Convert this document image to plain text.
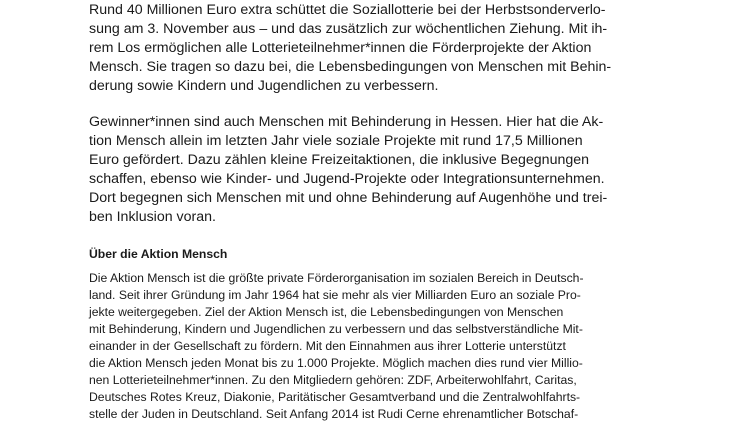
Rund 40 Millionen Euro extra schüttet die Soziallotterie bei der Herbstsonderverlo-

sung am 3. November aus – und das zusätzlich zur wöchentlichen Ziehung. Mit ih-

rem Los ermöglichen alle Lotterieteilnehmer*innen die Förderprojekte der Aktion

Mensch. Sie tragen so dazu bei, die Lebensbedingungen von Menschen mit Behin-

derung sowie Kindern und Jugendlichen zu verbessern.

Gewinner*innen sind auch Menschen mit Behinderung in Hessen. Hier hat die Ak-

tion Mensch allein im letzten Jahr viele soziale Projekte mit rund 17,5 Millionen

Euro gefördert. Dazu zählen kleine Freizeitaktionen, die inklusive Begegnungen

schaffen, ebenso wie Kinder- und Jugend-Projekte oder Integrationsunternehmen.

Dort begegnen sich Menschen mit und ohne Behinderung auf Augenhöhe und trei-

ben Inklusion voran.

Über die Aktion Mensch

Die Aktion Mensch ist die größte private Förderorganisation im sozialen Bereich in Deutsch-

land. Seit ihrer Gründung im Jahr 1964 hat sie mehr als vier Milliarden Euro an soziale Pro-

jekte weitergegeben. Ziel der Aktion Mensch ist, die Lebensbedingungen von Menschen

mit Behinderung, Kindern und Jugendlichen zu verbessern und das selbstverständliche Mit-

einander in der Gesellschaft zu fördern. Mit den Einnahmen aus ihrer Lotterie unterstützt

die Aktion Mensch jeden Monat bis zu 1.000 Projekte. Möglich machen dies rund vier Millio-

nen Lotterieteilnehmer*innen. Zu den Mitgliedern gehören: ZDF, Arbeiterwohlfahrt, Caritas,

Deutsches Rotes Kreuz, Diakonie, Paritätischer Gesamtverband und die Zentralwohlfahrts-

stelle der Juden in Deutschland. Seit Anfang 2014 ist Rudi Cerne ehrenamtlicher Botschaf-
